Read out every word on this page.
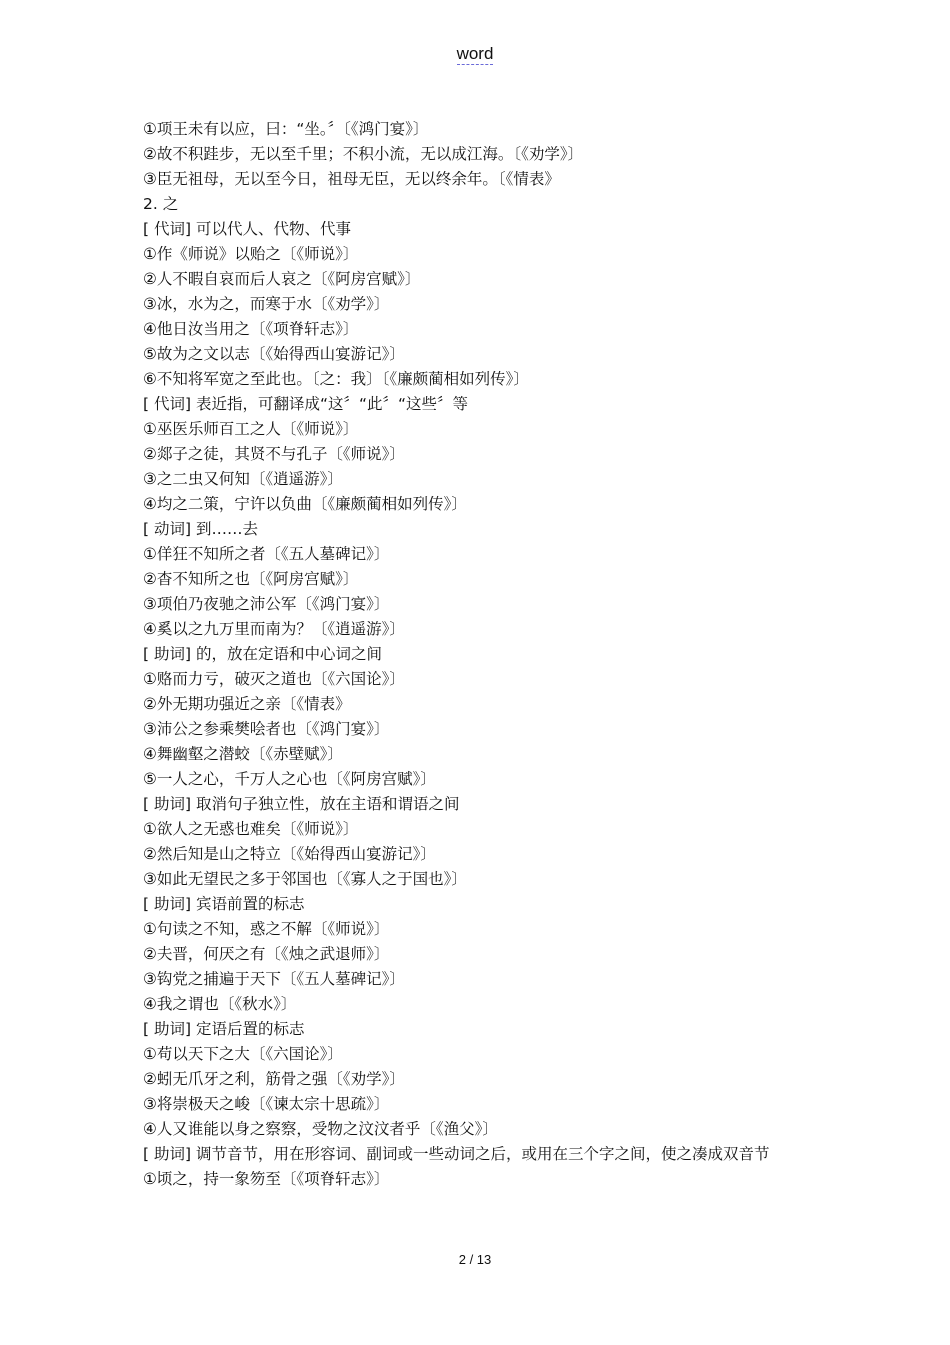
word
①项王未有以应，曰：“坐。〞〔《鸿门宴》〕
②故不积跬步，无以至千里；不积小流，无以成江海。〔《劝学》〕
③臣无祖母，无以至今日，祖母无臣，无以终余年。〔《情表》
2. 之
[ 代词] 可以代人、代物、代事
①作《师说》以贻之〔《师说》〕
②人不暇自哀而后人哀之〔《阿房宫赋》〕
③冰，水为之，而寒于水〔《劝学》〕
④他日汝当用之〔《项脊轩志》〕
⑤故为之文以志〔《始得西山宴游记》〕
⑥不知将军宽之至此也。〔之：我〕〔《廉颇蔺相如列传》〕
[ 代词] 表近指，可翻译成“这〞“此〞“这些〞等
①巫医乐师百工之人〔《师说》〕
②郯子之徒，其贤不与孔子〔《师说》〕
③之二虫又何知〔《逍遥游》〕
④均之二策，宁许以负曲〔《廉颇蔺相如列传》〕
[ 动词] 到……去
①佯狂不知所之者〔《五人墓碑记》〕
②杳不知所之也〔《阿房宫赋》〕
③项伯乃夜驰之沛公军〔《鸿门宴》〕
④奚以之九万里而南为？〔《逍遥游》〕
[ 助词] 的，放在定语和中心词之间
①赂而力亏，破灭之道也〔《六国论》〕
②外无期功强近之亲〔《情表》
③沛公之参乘樊哙者也〔《鸿门宴》〕
④舞幽壑之潜蛟〔《赤壁赋》〕
⑤一人之心，千万人之心也〔《阿房宫赋》〕
[ 助词] 取消句子独立性，放在主语和谓语之间
①欲人之无惑也难矣〔《师说》〕
②然后知是山之特立〔《始得西山宴游记》〕
③如此无望民之多于邻国也〔《寡人之于国也》〕
[ 助词] 宾语前置的标志
①句读之不知，惑之不解〔《师说》〕
②夫晋，何厌之有〔《烛之武退师》〕
③钩党之捕遍于天下〔《五人墓碑记》〕
④我之谓也〔《秋水》〕
[ 助词] 定语后置的标志
①苟以天下之大〔《六国论》〕
②蚓无爪牙之利，筋骨之强〔《劝学》〕
③将崇极天之峻〔《谏太宗十思疏》〕
④人又谁能以身之察察，受物之汶汶者乎〔《渔父》〕
[ 助词] 调节音节，用在形容词、副词或一些动词之后，或用在三个字之间，使之凑成双音节
①顷之，持一象笏至〔《项脊轩志》〕
2 / 13
